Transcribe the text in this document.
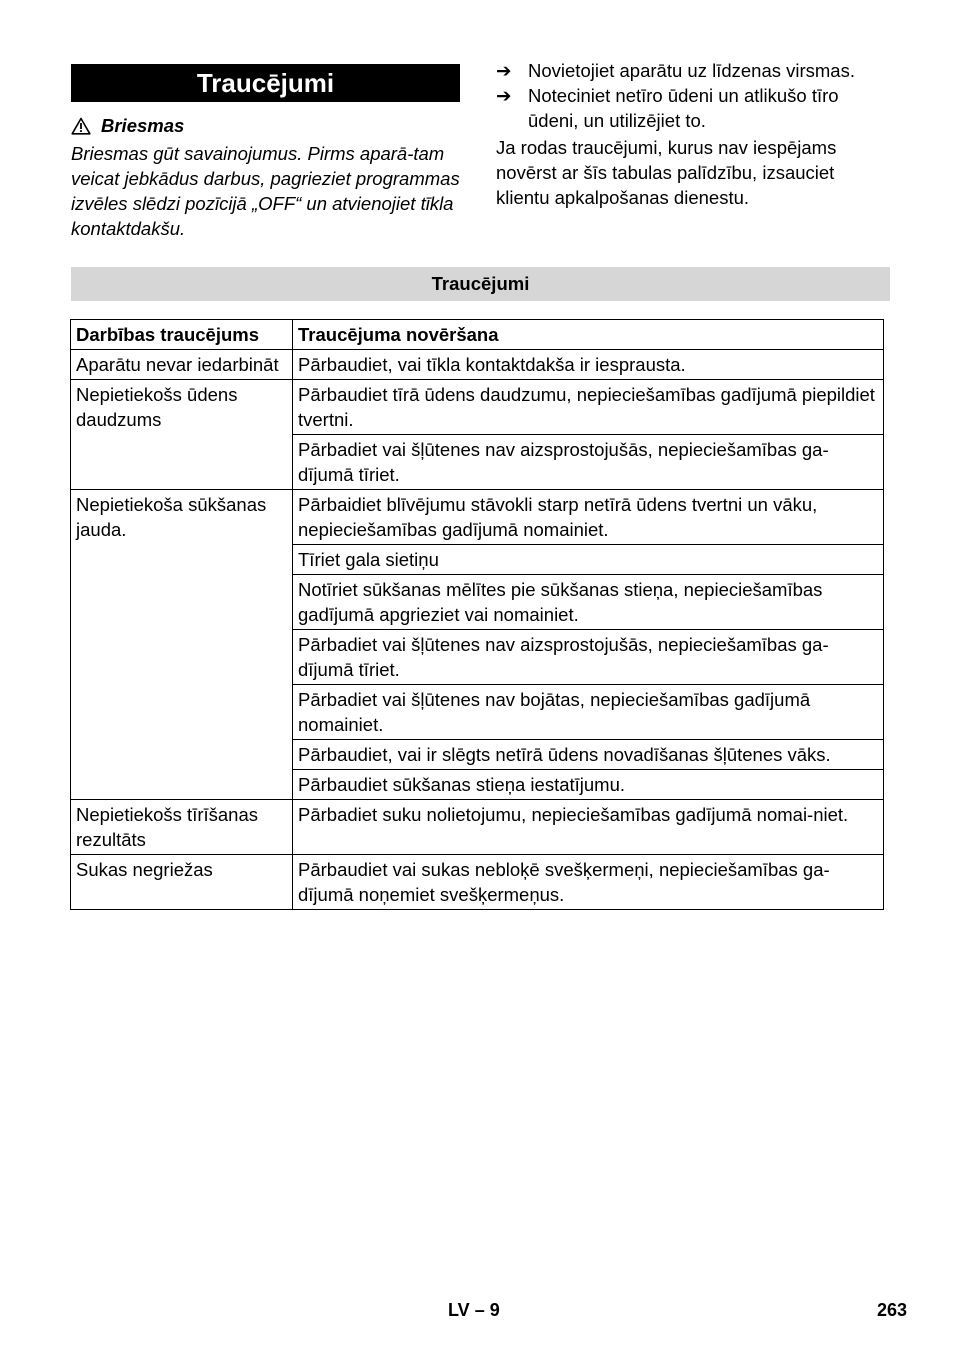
Traucējumi
Briesmas
Briesmas gūt savainojumus. Pirms aparā-tam veicat jebkādus darbus, pagrieziet programmas izvēles slēdzi pozīcijā „OFF“ un atvienojiet tīkla kontaktdakšu.
➔ Novietojiet aparātu uz līdzenas virsmas.
➔ Noteciniet netīro ūdeni un atlikušo tīro ūdeni, un utilizējiet to.
Ja rodas traucējumi, kurus nav iespējams novērst ar šīs tabulas palīdzību, izsauciet klientu apkalpošanas dienestu.
Traucējumi
Darbības traucējums	Traucējuma novēršana
Aparātu nevar iedarbināt	Pārbaudiet, vai tīkla kontaktdakša ir iesprausta.
Nepietiekošs ūdens daudzums	Pārbaudiet tīrā ūdens daudzumu, nepieciešamības gadījumā piepildiet tvertni.
	Pārbadiet vai šļūtenes nav aizsprostojušās, nepieciešamības ga-dījumā tīriet.
Nepietiekoša sūkšanas jauda.	Pārbaidiet blīvējumu stāvokli starp netīrā ūdens tvertni un vāku, nepieciešamības gadījumā nomainiet.
	Tīriet gala sietiņu
	Notīriet sūkšanas mēlītes pie sūkšanas stieņa, nepieciešamības gadījumā apgrieziet vai nomainiet.
	Pārbadiet vai šļūtenes nav aizsprostojušās, nepieciešamības ga-dījumā tīriet.
	Pārbadiet vai šļūtenes nav bojātas, nepieciešamības gadījumā nomainiet.
	Pārbaudiet, vai ir slēgts netīrā ūdens novadīšanas šļūtenes vāks.
	Pārbaudiet sūkšanas stieņa iestatījumu.
Nepietiekošs tīrīšanas rezultāts	Pārbadiet suku nolietojumu, nepieciešamības gadījumā nomai-niet.
Sukas negriežas	Pārbaudiet vai sukas nebloķē svešķermeņi, nepieciešamības ga-dījumā noņemiet svešķermeņus.
LV – 9	263
